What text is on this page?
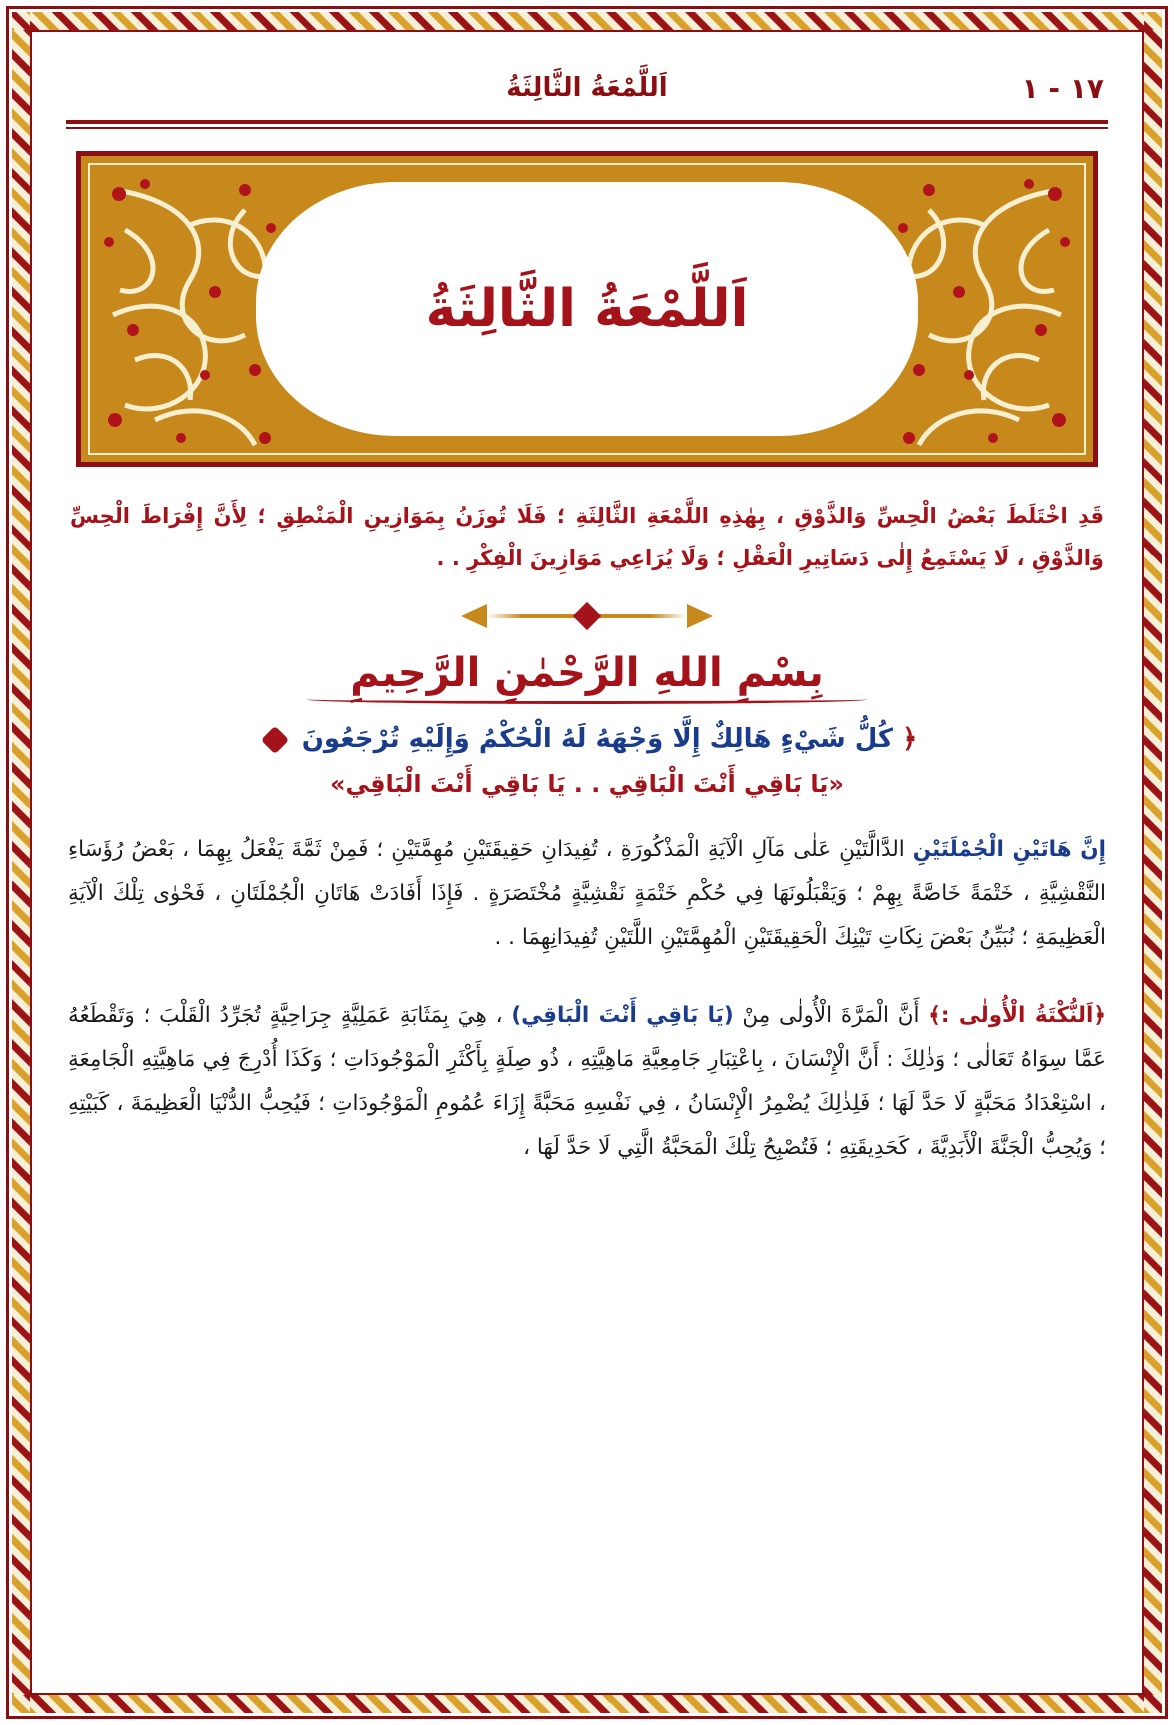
١٧ - ١
اَللَّمْعَةُ الثَّالِثَةُ
اَللَّمْعَةُ الثَّالِثَةُ
قَدِ اخْتَلَطَ بَعْضُ الْحِسِّ وَالذَّوْقِ ، بِهٰذِهِ اللَّمْعَةِ الثَّالِثَةِ ؛ فَلَا تُوزَنُ بِمَوَازِينِ الْمَنْطِقِ ؛ لِأَنَّ إِفْرَاطَ الْحِسِّ وَالذَّوْقِ ، لَا يَسْتَمِعُ إِلٰى دَسَاتِيرِ الْعَقْلِ ؛ وَلَا يُرَاعِي مَوَازِينَ الْفِكْرِ . .
بِسْمِ اللهِ الرَّحْمٰنِ الرَّحِيمِ
﴿ كُلُّ شَيْءٍ هَالِكٌ إِلَّا وَجْهَهُ لَهُ الْحُكْمُ وَإِلَيْهِ تُرْجَعُونَ
«يَا بَاقِي أَنْتَ الْبَاقِي . . يَا بَاقِي أَنْتَ الْبَاقِي»
إِنَّ هَاتَيْنِ الْجُمْلَتَيْنِ الدَّالَّتَيْنِ عَلٰى مَآلِ الْآيَةِ الْمَذْكُورَةِ ، تُفِيدَانِ حَقِيقَتَيْنِ مُهِمَّتَيْنِ ؛ فَمِنْ ثَمَّةَ يَفْعَلُ بِهِمَا ، بَعْضُ رُؤَسَاءِ النَّقْشِيَّةِ ، خَتْمَةً خَاصَّةً بِهِمْ ؛ وَيَقْبَلُونَهَا فِي حُكْمِ خَتْمَةٍ نَقْشِيَّةٍ مُخْتَصَرَةٍ . فَإِذَا أَفَادَتْ هَاتَانِ الْجُمْلَتَانِ ، فَحْوٰى تِلْكَ الْآيَةِ الْعَظِيمَةِ ؛ نُبَيِّنُ بَعْضَ نِكَاتِ تَيْنِكَ الْحَقِيقَتَيْنِ الْمُهِمَّتَيْنِ اللَّتَيْنِ تُفِيدَانِهِمَا . .
﴿اَلنُّكْتَةُ الْأُولٰى :﴾ أَنَّ الْمَرَّةَ الْأُولٰى مِنْ (يَا بَاقِي أَنْتَ الْبَاقِي) ، هِيَ بِمَثَابَةِ عَمَلِيَّةٍ جِرَاحِيَّةٍ تُجَرِّدُ الْقَلْبَ ؛ وَتَقْطَعُهُ عَمَّا سِوَاهُ تَعَالٰى ؛ وَذٰلِكَ : أَنَّ الْإِنْسَانَ ، بِاعْتِبَارِ جَامِعِيَّةِ مَاهِيَّتِهِ ، ذُو صِلَةٍ بِأَكْثَرِ الْمَوْجُودَاتِ ؛ وَكَذَا أُدْرِجَ فِي مَاهِيَّتِهِ الْجَامِعَةِ ، اسْتِعْدَادُ مَحَبَّةٍ لَا حَدَّ لَهَا ؛ فَلِذٰلِكَ يُضْمِرُ الْإِنْسَانُ ، فِي نَفْسِهِ مَحَبَّةً إِزَاءَ عُمُومِ الْمَوْجُودَاتِ ؛ فَيُحِبُّ الدُّنْيَا الْعَظِيمَةَ ، كَبَيْتِهِ ؛ وَيُحِبُّ الْجَنَّةَ الْأَبَدِيَّةَ ، كَحَدِيقَتِهِ ؛ فَتُصْبِحُ تِلْكَ الْمَحَبَّةُ الَّتِي لَا حَدَّ لَهَا ،
